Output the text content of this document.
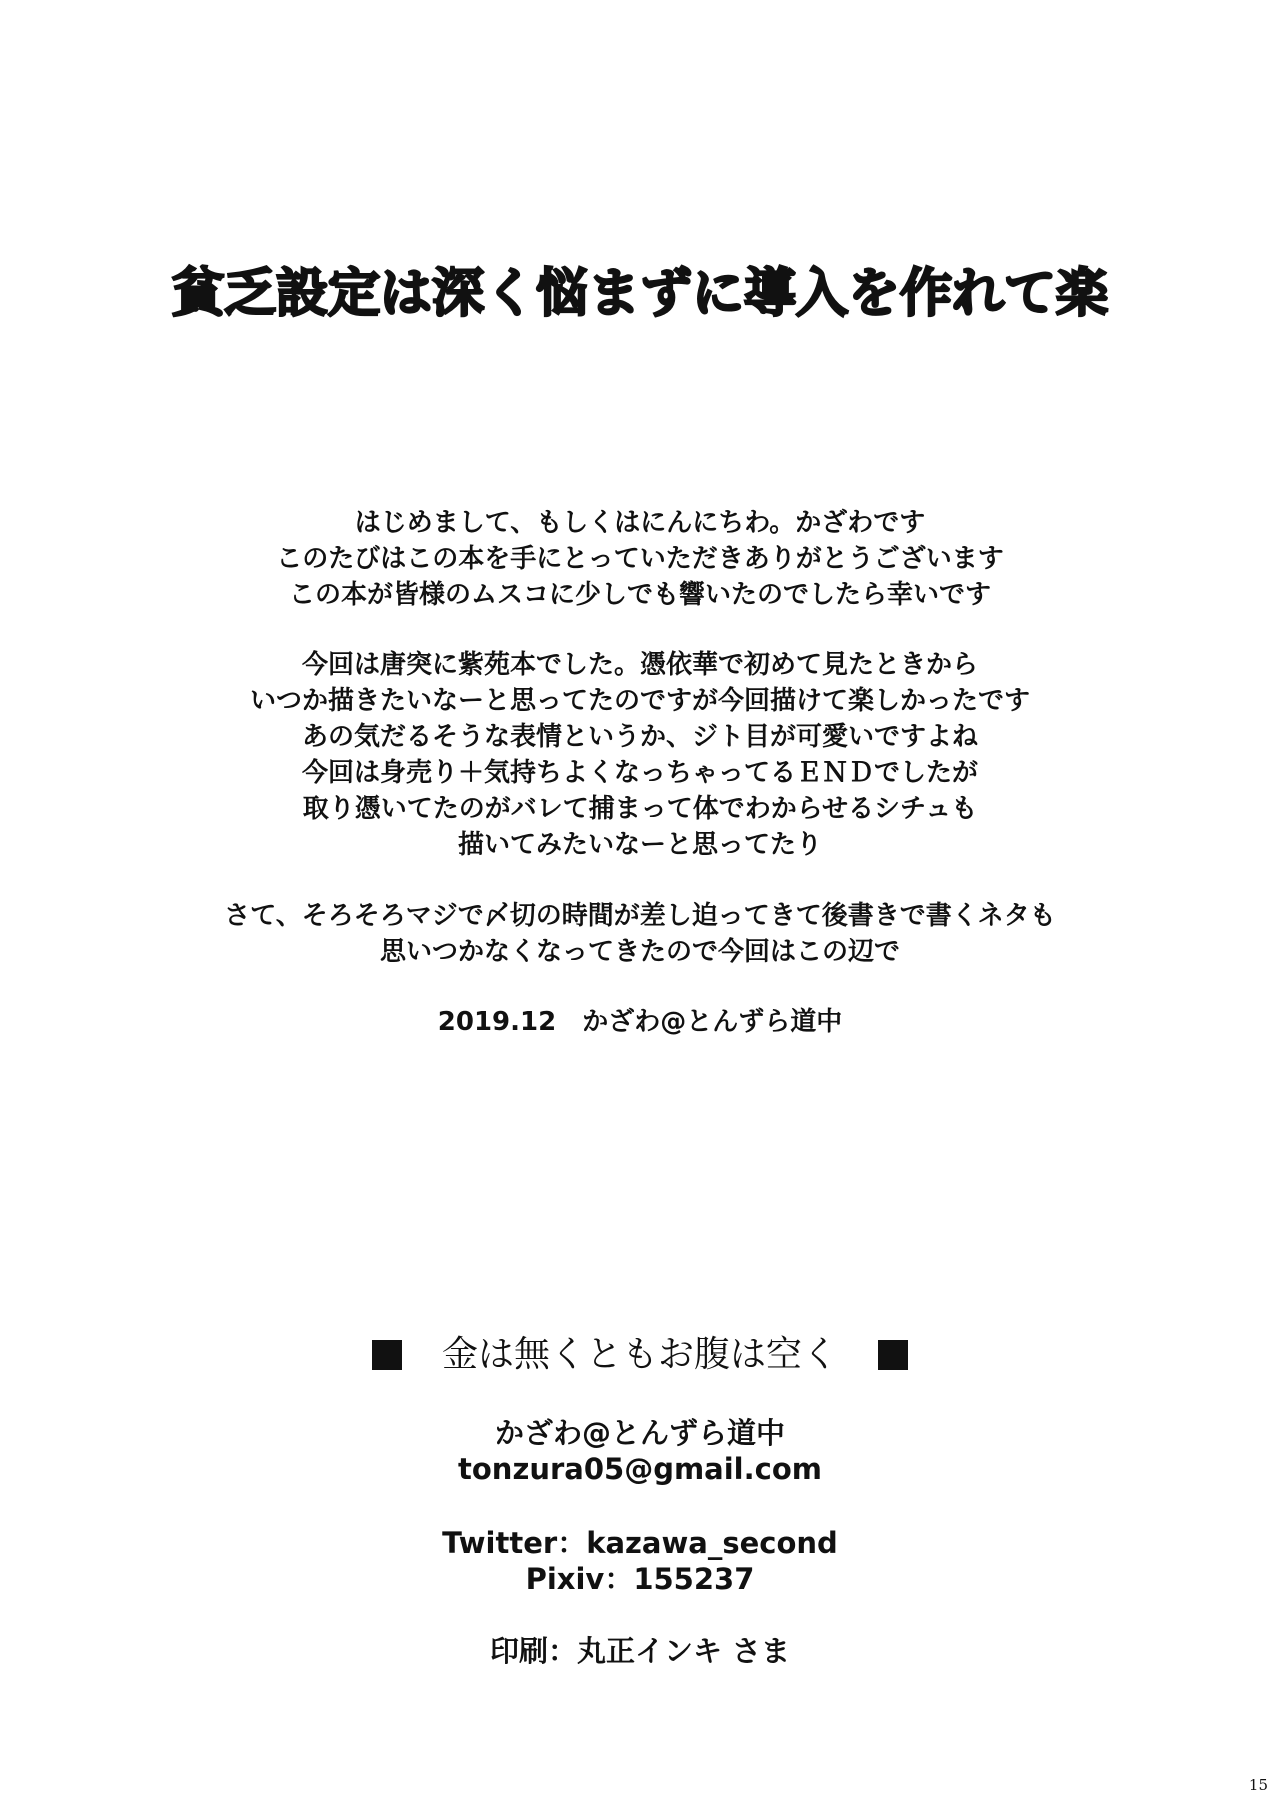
貧乏設定は深く悩まずに導入を作れて楽
はじめまして、もしくはにんにちわ。かざわです
このたびはこの本を手にとっていただきありがとうございます
この本が皆様のムスコに少しでも響いたのでしたら幸いです
今回は唐突に紫苑本でした。憑依華で初めて見たときから
いつか描きたいなーと思ってたのですが今回描けて楽しかったです
あの気だるそうな表情というか、ジト目が可愛いですよね
今回は身売り＋気持ちよくなっちゃってるＥＮＤでしたが
取り憑いてたのがバレて捕まって体でわからせるシチュも
描いてみたいなーと思ってたり
さて、そろそろマジで〆切の時間が差し迫ってきて後書きで書くネタも
思いつかなくなってきたので今回はこの辺で
2019.12　かざわ@とんずら道中
金は無くともお腹は空く
かざわ@とんずら道中
tonzura05@gmail.com
Twitter：kazawa_second
Pixiv：155237
印刷：丸正インキ さま
15
